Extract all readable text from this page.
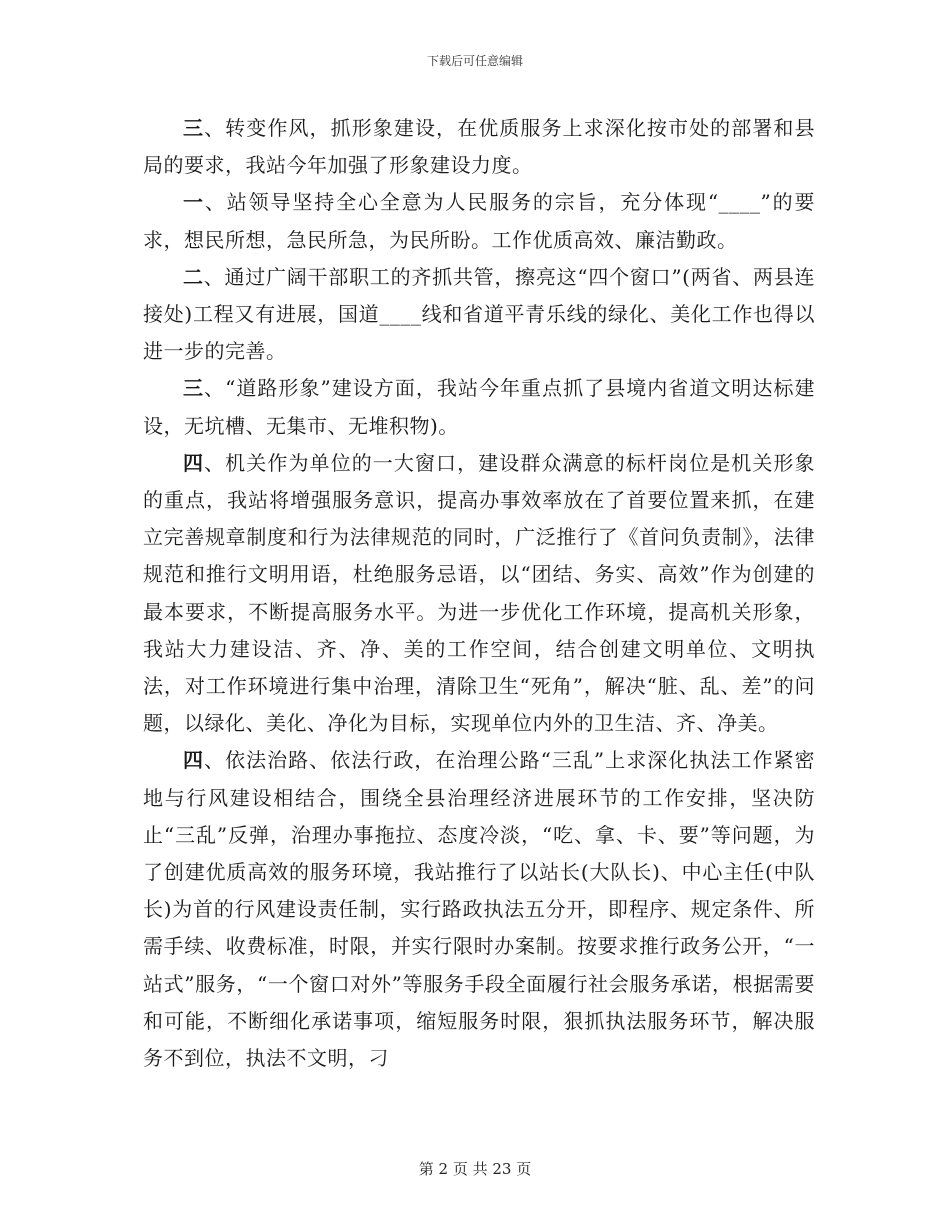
下载后可任意编辑

三、转变作风，抓形象建设，在优质服务上求深化按市处的部署和县局的要求，我站今年加强了形象建设力度。

一、站领导坚持全心全意为人民服务的宗旨，充分体现“____”的要求，想民所想，急民所急，为民所盼。工作优质高效、廉洁勤政。

二、通过广阔干部职工的齐抓共管，擦亮这“四个窗口”(两省、两县连接处)工程又有进展，国道____线和省道平青乐线的绿化、美化工作也得以进一步的完善。

三、“道路形象”建设方面，我站今年重点抓了县境内省道文明达标建设，无坑槽、无集市、无堆积物)。

四、机关作为单位的一大窗口，建设群众满意的标杆岗位是机关形象的重点，我站将增强服务意识，提高办事效率放在了首要位置来抓，在建立完善规章制度和行为法律规范的同时，广泛推行了《首问负责制》，法律规范和推行文明用语，杜绝服务忌语，以“团结、务实、高效”作为创建的最本要求，不断提高服务水平。为进一步优化工作环境，提高机关形象，我站大力建设洁、齐、净、美的工作空间，结合创建文明单位、文明执法，对工作环境进行集中治理，清除卫生“死角”，解决“脏、乱、差”的问题，以绿化、美化、净化为目标，实现单位内外的卫生洁、齐、净美。

四、依法治路、依法行政，在治理公路“三乱”上求深化执法工作紧密地与行风建设相结合，围绕全县治理经济进展环节的工作安排，坚决防止“三乱”反弹，治理办事拖拉、态度冷淡，“吃、拿、卡、要”等问题，为了创建优质高效的服务环境，我站推行了以站长(大队长)、中心主任(中队长)为首的行风建设责任制，实行路政执法五分开，即程序、规定条件、所需手续、收费标准，时限，并实行限时办案制。按要求推行政务公开，“一站式”服务，“一个窗口对外”等服务手段全面履行社会服务承诺，根据需要和可能，不断细化承诺事项，缩短服务时限，狠抓执法服务环节，解决服务不到位，执法不文明，刁

第 2 页 共 23 页
